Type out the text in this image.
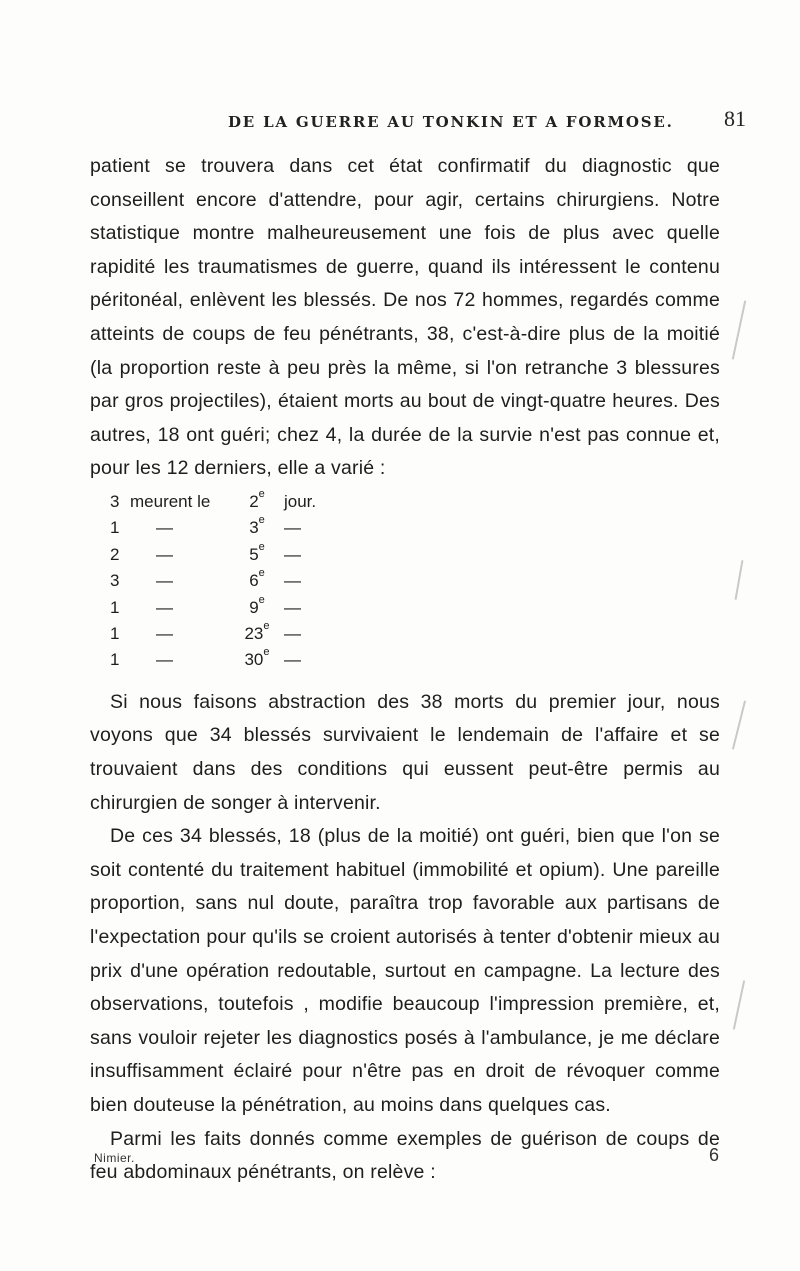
DE LA GUERRE AU TONKIN ET A FORMOSE. 81

patient se trouvera dans cet état confirmatif du diagnostic que conseillent encore d'attendre, pour agir, certains chirurgiens. Notre statistique montre malheureusement une fois de plus avec quelle rapidité les traumatismes de guerre, quand ils intéressent le contenu péritonéal, enlèvent les blessés. De nos 72 hommes, regardés comme atteints de coups de feu pénétrants, 38, c'est-à-dire plus de la moitié (la proportion reste à peu près la même, si l'on retranche 3 blessures par gros projectiles), étaient morts au bout de vingt-quatre heures. Des autres, 18 ont guéri; chez 4, la durée de la survie n'est pas connue et, pour les 12 derniers, elle a varié :

3 meurent le	2e	jour.
1	—	3e	—
2	—	5e	—
3	—	6e	—
1	—	9e	—
1	—	23e —
1	—	30e —

Si nous faisons abstraction des 38 morts du premier jour, nous voyons que 34 blessés survivaient le lendemain de l'affaire et se trouvaient dans des conditions qui eussent peut-être permis au chirurgien de songer à intervenir.

De ces 34 blessés, 18 (plus de la moitié) ont guéri, bien que l'on se soit contenté du traitement habituel (immobilité et opium). Une pareille proportion, sans nul doute, paraîtra trop favorable aux partisans de l'expectation pour qu'ils se croient autorisés à tenter d'obtenir mieux au prix d'une opération redoutable, surtout en campagne. La lecture des observations, toutefois , modifie beaucoup l'impression première, et, sans vouloir rejeter les diagnostics posés à l'ambulance, je me déclare insuffisamment éclairé pour n'être pas en droit de révoquer comme bien douteuse la pénétration, au moins dans quelques cas.

Parmi les faits donnés comme exemples de guérison de coups de feu abdominaux pénétrants, on relève :

Nimier.	6
